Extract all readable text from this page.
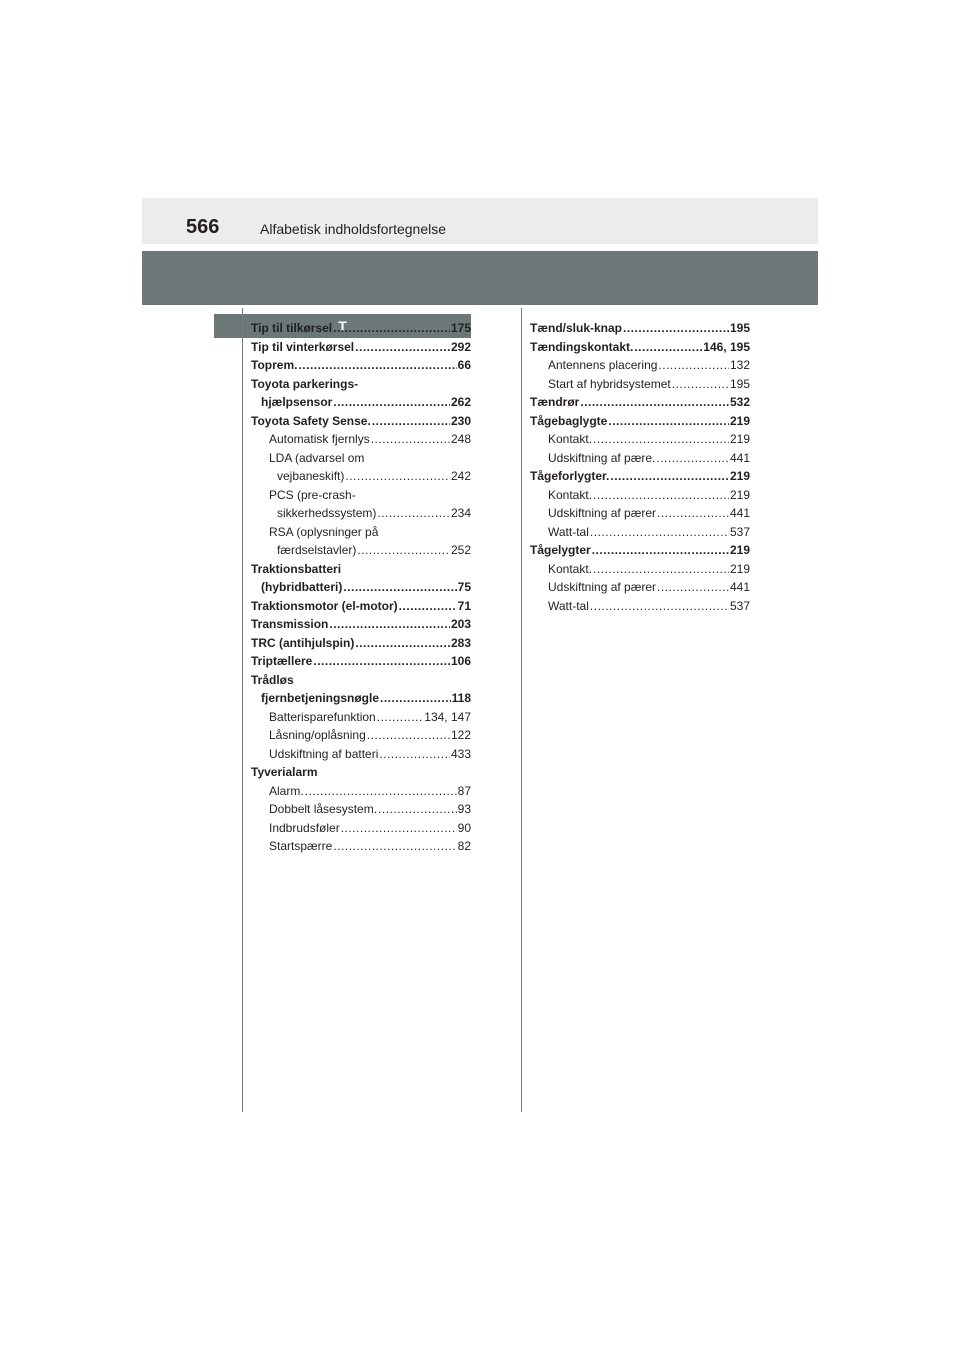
566	Alfabetisk indholdsfortegnelse
T
Tip til tilkørsel .....	175
Tip til vinterkørsel .....	292
Toprem. .....	66
Toyota parkerings-
hjælpsensor .....	262
Toyota Safety Sense. .....	230
Automatisk fjernlys .....	248
LDA (advarsel om
vejbaneskift) .....	242
PCS (pre-crash-
sikkerhedssystem) .....	234
RSA (oplysninger på
færdselstavler) .....	252
Traktionsbatteri
(hybridbatteri) .....	75
Traktionsmotor (el-motor) .....	71
Transmission .....	203
TRC (antihjulspin) .....	283
Triptællere .....	106
Trådløs
fjernbetjeningsnøgle .....	118
Batterisparefunktion .....	134, 147
Låsning/oplåsning .....	122
Udskiftning af batteri .....	433
Tyverialarm
Alarm. .....	87
Dobbelt låsesystem. .....	93
Indbrudsføler .....	90
Startspærre .....	82
Tænd/sluk-knap .....	195
Tændingskontakt. .....	146, 195
Antennens placering .....	132
Start af hybridsystemet .....	195
Tændrør .....	532
Tågebaglygte .....	219
Kontakt. .....	219
Udskiftning af pære. .....	441
Tågeforlygter. .....	219
Kontakt. .....	219
Udskiftning af pærer .....	441
Watt-tal .....	537
Tågelygter .....	219
Kontakt. .....	219
Udskiftning af pærer .....	441
Watt-tal .....	537
